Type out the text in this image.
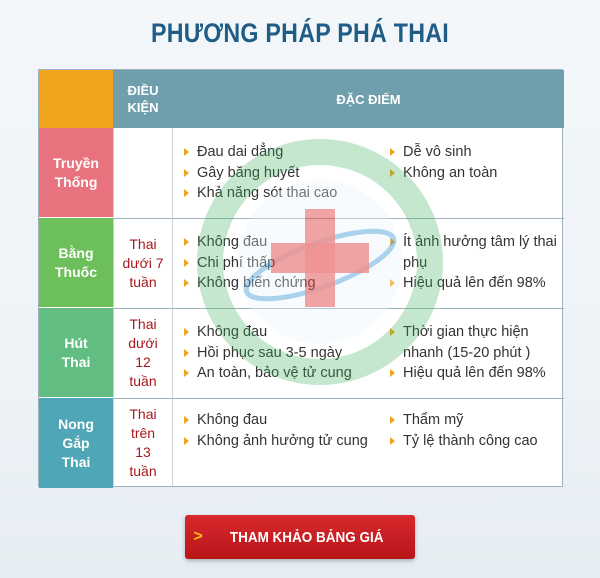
PHƯƠNG PHÁP PHÁ THAI
ĐIỀU KIỆN
ĐẶC ĐIỂM
Truyền Thống
Đau dai dẳng
Gây băng huyết
Khả năng sót thai cao
Dễ vô sinh
Không an toàn
Bằng Thuốc
Thai dưới 7 tuần
Không đau
Chi phí thấp
Không biến chứng
Ít ảnh hưởng tâm lý thai phụ
Hiệu quả lên đến 98%
Hút Thai
Thai dưới 12 tuần
Không đau
Hồi phục sau 3-5 ngày
An toàn, bảo vệ tử cung
Thời gian thực hiện nhanh (15-20 phút )
Hiệu quả lên đến 98%
Nong Gắp Thai
Thai trên 13 tuần
Không đau
Không ảnh hưởng tử cung
Thẩm mỹ
Tỷ lệ thành công cao
>	THAM KHẢO BẢNG GIÁ
